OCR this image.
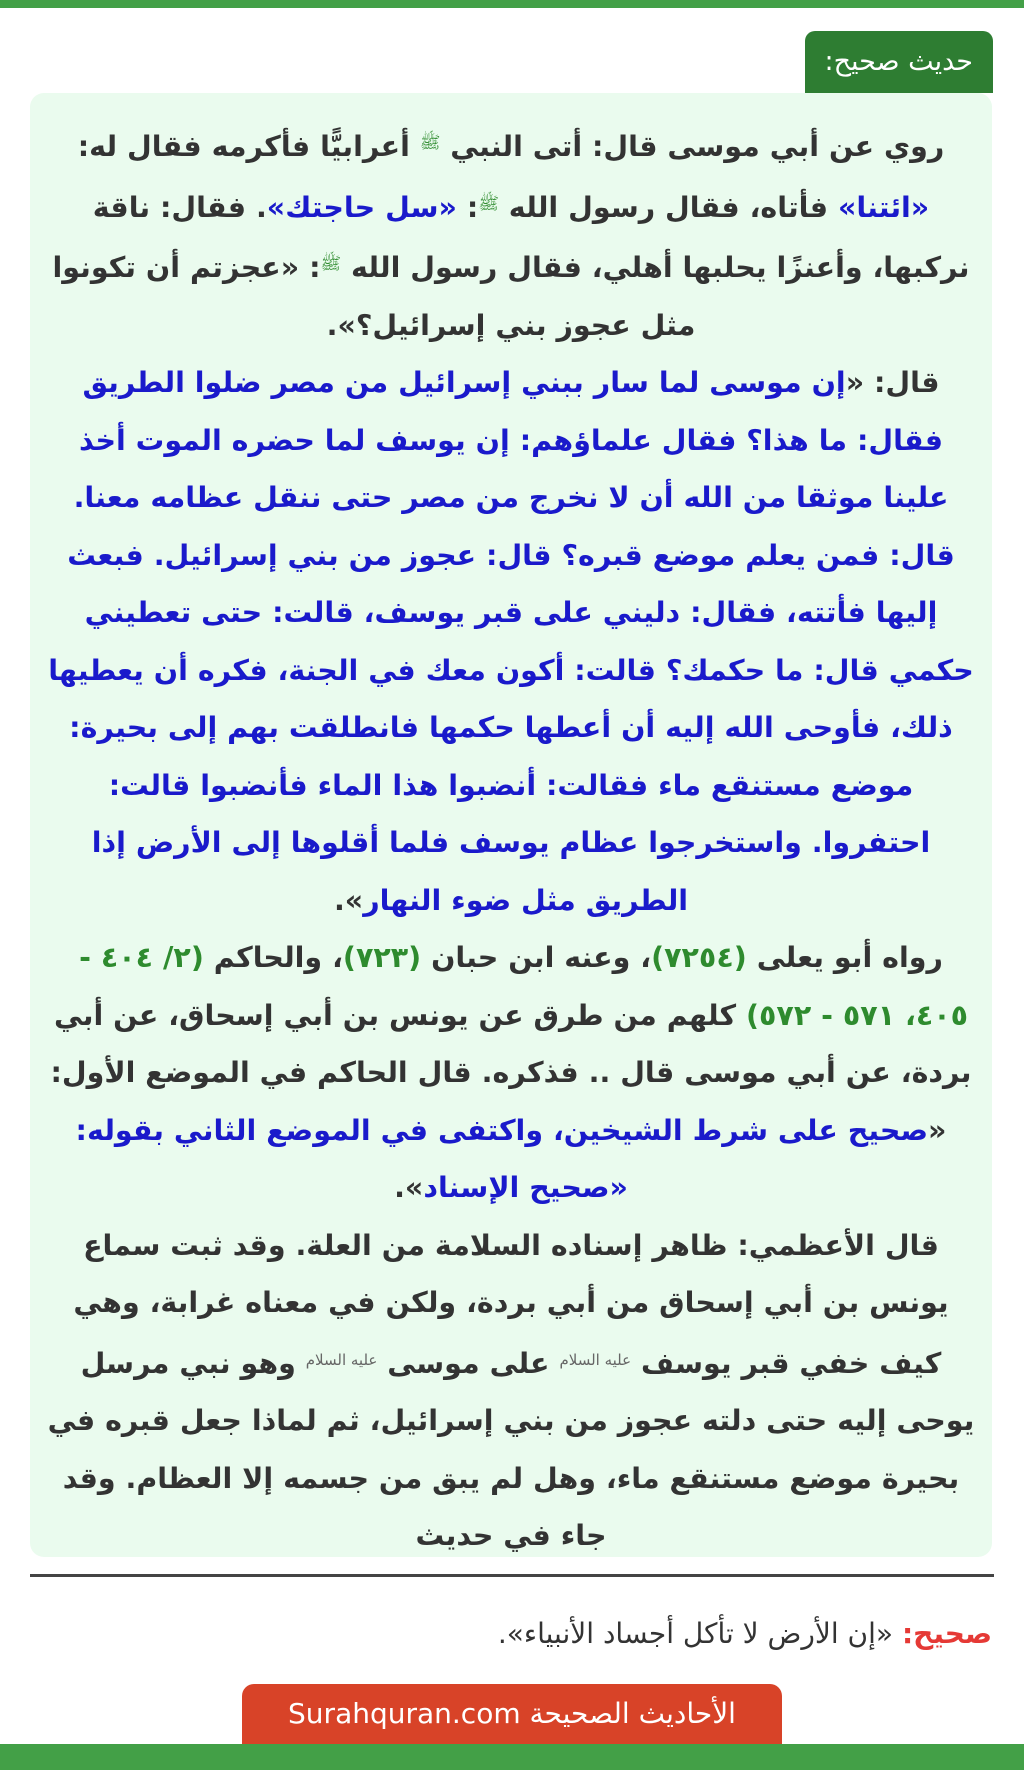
حديث صحيح:

روي عن أبي موسى قال: أتى النبي $^ﷺ$ أعرابيًّا فأكرمه فقال له: «ائتنا» فأتاه، فقال رسول الله $^ﷺ$: «سل حاجتك». فقال: ناقة نركبها، وأعنزًا يحلبها أهلي، فقال رسول الله $^ﷺ$: «عجزتم أن تكونوا مثل عجوز بني إسرائيل؟».

قال: «إن موسى لما سار ببني إسرائيل من مصر ضلوا الطريق فقال: ما هذا؟ فقال علماؤهم: إن يوسف لما حضره الموت أخذ علينا موثقا من الله أن لا نخرج من مصر حتى ننقل عظامه معنا. قال: فمن يعلم موضع قبره؟ قال: عجوز من بني إسرائيل. فبعث إليها فأتته، فقال: دليني على قبر يوسف، قالت: حتى تعطيني حكمي قال: ما حكمك؟ قالت: أكون معك في الجنة، فكره أن يعطيها ذلك، فأوحى الله إليه أن أعطها حكمها فانطلقت بهم إلى بحيرة: موضع مستنقع ماء فقالت: أنضبوا هذا الماء فأنضبوا قالت: احتفروا. واستخرجوا عظام يوسف فلما أقلوها إلى الأرض إذا الطريق مثل ضوء النهار».

رواه أبو يعلى (٧٢٥٤)، وعنه ابن حبان (٧٢٣)، والحاكم (٢/ ٤٠٤ - ٤٠٥، ٥٧١ - ٥٧٢) كلهم من طرق عن يونس بن أبي إسحاق، عن أبي بردة، عن أبي موسى قال .. فذكره. قال الحاكم في الموضع الأول: «صحيح على شرط الشيخين، واكتفى في الموضع الثاني بقوله: «صحيح الإسناد».

قال الأعظمي: ظاهر إسناده السلامة من العلة. وقد ثبت سماع يونس بن أبي إسحاق من أبي بردة، ولكن في معناه غرابة، وهي كيف خفي قبر يوسف $^{عليه السلام}$ على موسى $^{عليه السلام}$ وهو نبي مرسل يوحى إليه حتى دلته عجوز من بني إسرائيل، ثم لماذا جعل قبره في بحيرة موضع مستنقع ماء، وهل لم يبق من جسمه إلا العظام. وقد جاء في حديث

صحيح: «إن الأرض لا تأكل أجساد الأنبياء».
الأحاديث الصحيحة Surahquran.com
